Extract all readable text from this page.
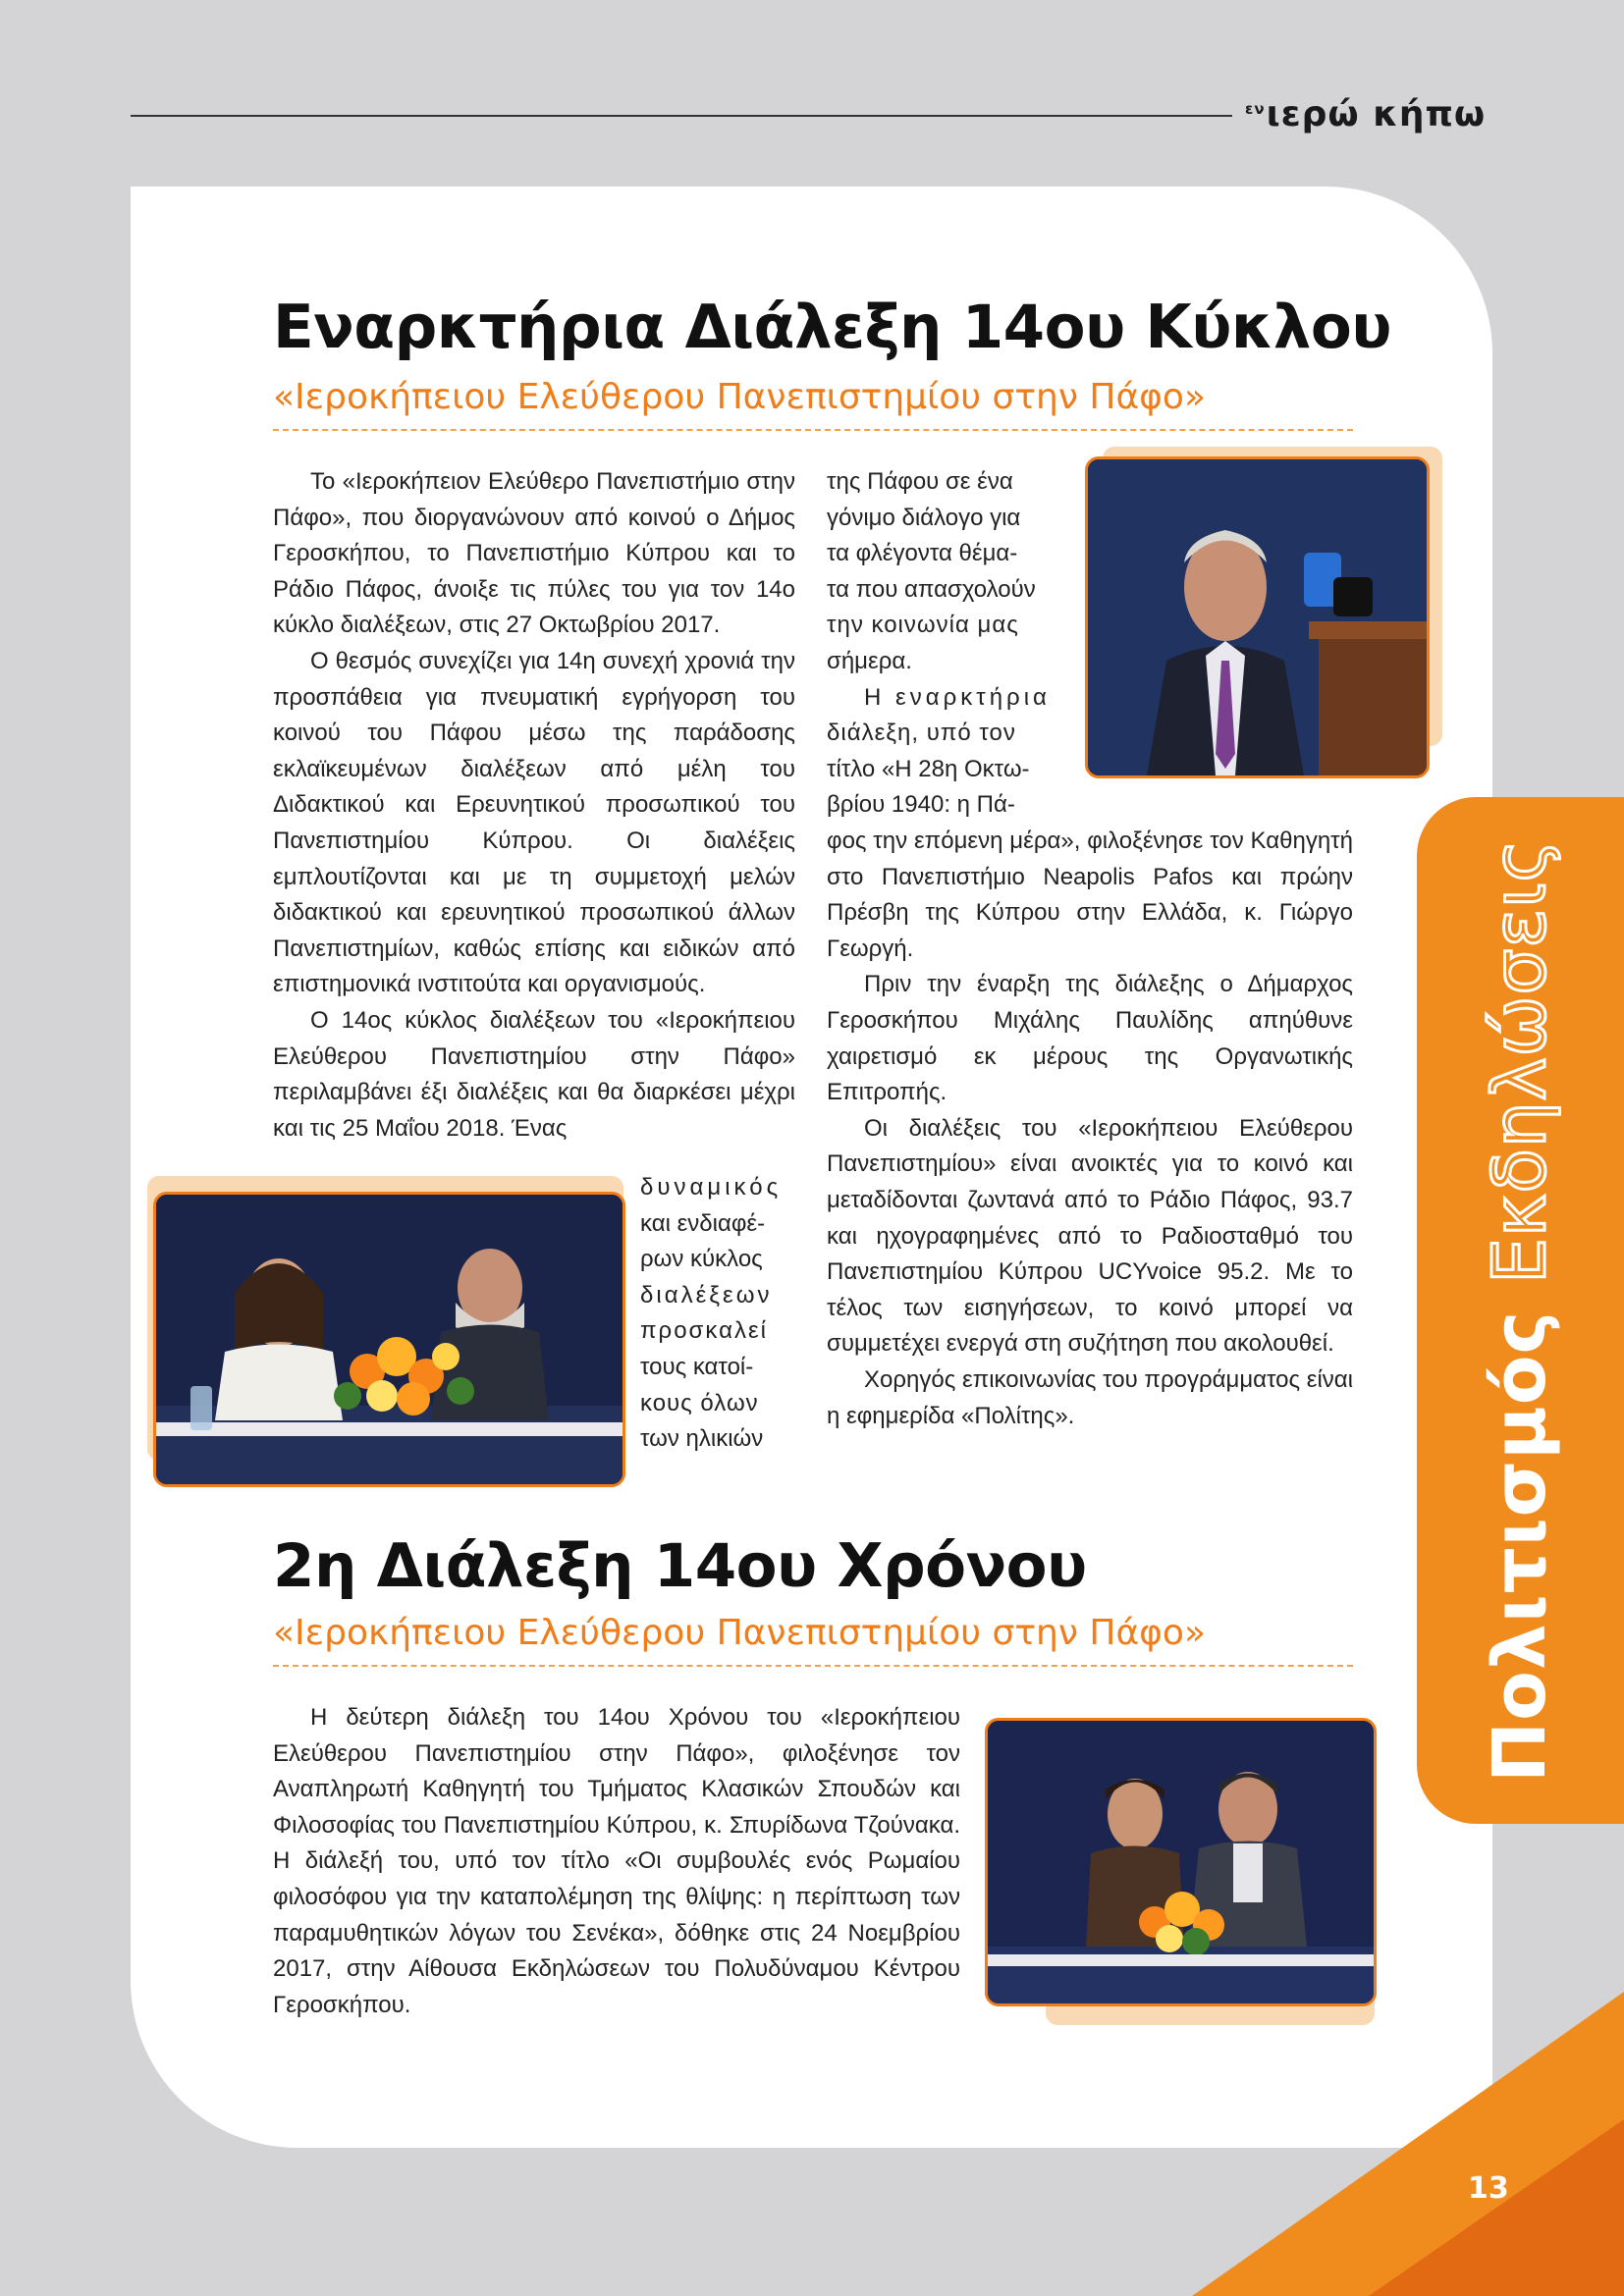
$^{\varepsilon\nu}$ιερώ κήπω
Εναρκτήρια Διάλεξη 14ου Κύκλου
«Ιεροκήπειου Ελεύθερου Πανεπιστημίου στην Πάφο»

Το «Ιεροκήπειον Ελεύθερο Πανεπιστήμιο στην Πάφο», που διοργανώνουν από κοινού ο Δήμος Γεροσκήπου, το Πανεπιστήμιο Κύπρου και το Ράδιο Πάφος, άνοιξε τις πύλες του για τον 14ο κύκλο διαλέξεων, στις 27 Οκτωβρίου 2017.

Ο θεσμός συνεχίζει για 14η συνεχή χρονιά την προσπάθεια για πνευματική εγρήγορση του κοινού του Πάφου μέσω της παράδοσης εκλαϊκευμένων διαλέξεων από μέλη του Διδακτικού και Ερευνητικού προσωπικού του Πανεπιστημίου Κύπρου. Οι διαλέξεις εμπλουτίζονται και με τη συμμετοχή μελών διδακτικού και ερευνητικού προσωπικού άλλων Πανεπιστημίων, καθώς επίσης και ειδικών από επιστημονικά ινστιτούτα και οργανισμούς.

Ο 14ος κύκλος διαλέξεων του «Ιεροκήπειου Ελεύθερου Πανεπιστημίου στην Πάφο» περιλαμβάνει έξι διαλέξεις και θα διαρκέσει μέχρι και τις 25 Μαΐου 2018. Ένας

δυναμικός

και ενδιαφέ-

ρων κύκλος

διαλέξεων

προσκαλεί

τους κατοί-

κους όλων

των ηλικιών

της Πάφου σε ένα

γόνιμο διάλογο για

τα φλέγοντα θέμα-

τα που απασχολούν

την κοινωνία μας

σήμερα.

Η εναρκτήρια

διάλεξη, υπό τον

τίτλο «Η 28η Οκτω-

βρίου 1940: η Πά-

φος την επόμενη μέρα», φιλοξένησε τον Καθηγητή στο Πανεπιστήμιο Neapolis Pafos και πρώην Πρέσβη της Κύπρου στην Ελλάδα, κ. Γιώργο Γεωργή.

Πριν την έναρξη της διάλεξης ο Δήμαρχος Γεροσκήπου Μιχάλης Παυλίδης απηύθυνε χαιρετισμό εκ μέρους της Οργανωτικής Επιτροπής.

Οι διαλέξεις του «Ιεροκήπειου Ελεύθερου Πανεπιστημίου» είναι ανοικτές για το κοινό και μεταδίδονται ζωντανά από το Ράδιο Πάφος, 93.7 και ηχογραφημένες από το Ραδιοσταθμό του Πανεπιστημίου Κύπρου UCYvoice 95.2. Με το τέλος των εισηγήσεων, το κοινό μπορεί να συμμετέχει ενεργά στη συζήτηση που ακολουθεί.

Χορηγός επικοινωνίας του προγράμματος είναι η εφημερίδα «Πολίτης».

2η Διάλεξη 14ου Χρόνου
«Ιεροκήπειου Ελεύθερου Πανεπιστημίου στην Πάφο»

Η δεύτερη διάλεξη του 14ου Χρόνου του «Ιεροκήπειου Ελεύθερου Πανεπιστημίου στην Πάφο», φιλοξένησε τον Αναπληρωτή Καθηγητή του Τμήματος Κλασικών Σπουδών και Φιλοσοφίας του Πανεπιστημίου Κύπρου, κ. Σπυρίδωνα Τζούνακα. Η διάλεξή του, υπό τον τίτλο «Οι συμβουλές ενός Ρωμαίου φιλοσόφου για την καταπολέμηση της θλίψης: η περίπτωση των παραμυθητικών λόγων του Σενέκα», δόθηκε στις 24 Νοεμβρίου 2017, στην Αίθουσα Εκδηλώσεων του Πολυδύναμου Κέντρου Γεροσκήπου.

Πολιτισμός Εκδηλώσεις
13
